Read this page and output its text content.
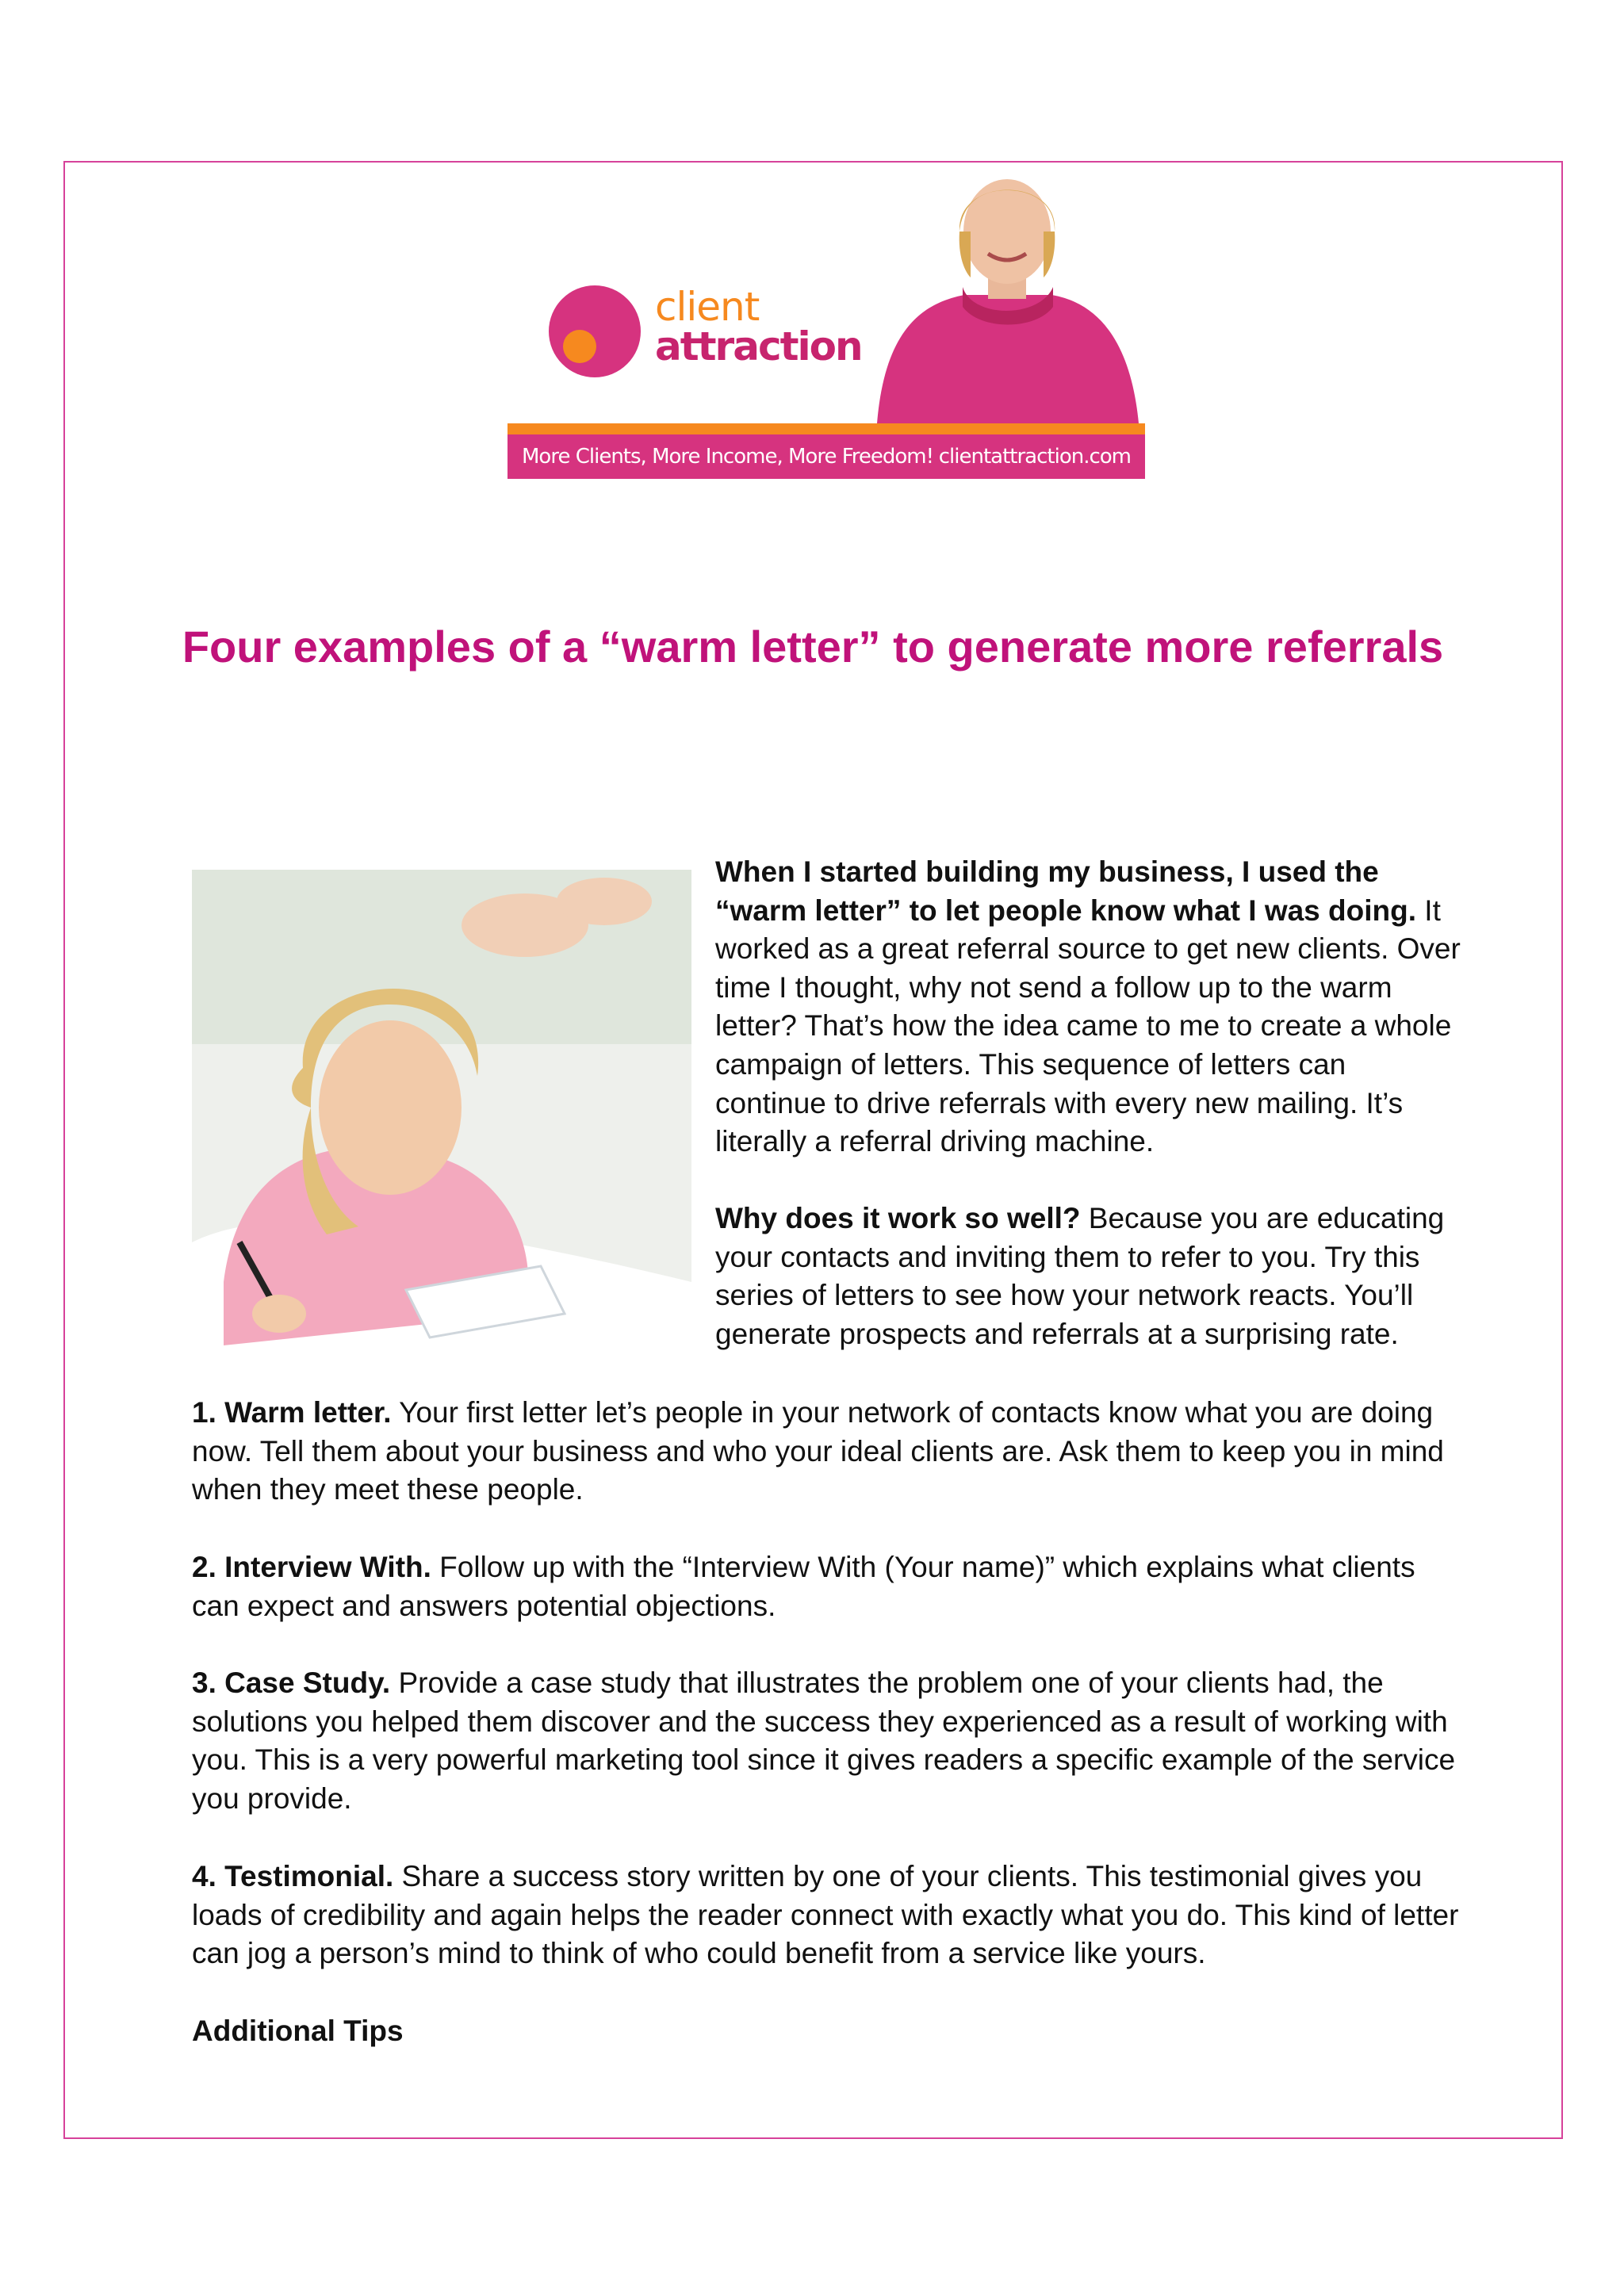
client
attraction
More Clients, More Income, More Freedom! clientattraction.com
Four examples of a “warm letter” to generate more referrals
When I started building my business, I used the “warm letter” to let people know what I was doing. It worked as a great referral source to get new clients. Over time I thought, why not send a follow up to the warm letter? That’s how the idea came to me to create a whole campaign of letters. This sequence of letters can continue to drive referrals with every new mailing. It’s literally a referral driving machine.
Why does it work so well? Because you are educating your contacts and inviting them to refer to you. Try this series of letters to see how your network reacts. You’ll generate prospects and referrals at a surprising rate.
1. Warm letter. Your first letter let’s people in your network of contacts know what you are doing now. Tell them about your business and who your ideal clients are. Ask them to keep you in mind when they meet these people.
2. Interview With. Follow up with the “Interview With (Your name)” which explains what clients can expect and answers potential objections.
3. Case Study. Provide a case study that illustrates the problem one of your clients had, the solutions you helped them discover and the success they experienced as a result of working with you. This is a very powerful marketing tool since it gives readers a specific example of the service you provide.
4. Testimonial. Share a success story written by one of your clients. This testimonial gives you loads of credibility and again helps the reader connect with exactly what you do. This kind of letter can jog a person’s mind to think of who could benefit from a service like yours.
Additional Tips
